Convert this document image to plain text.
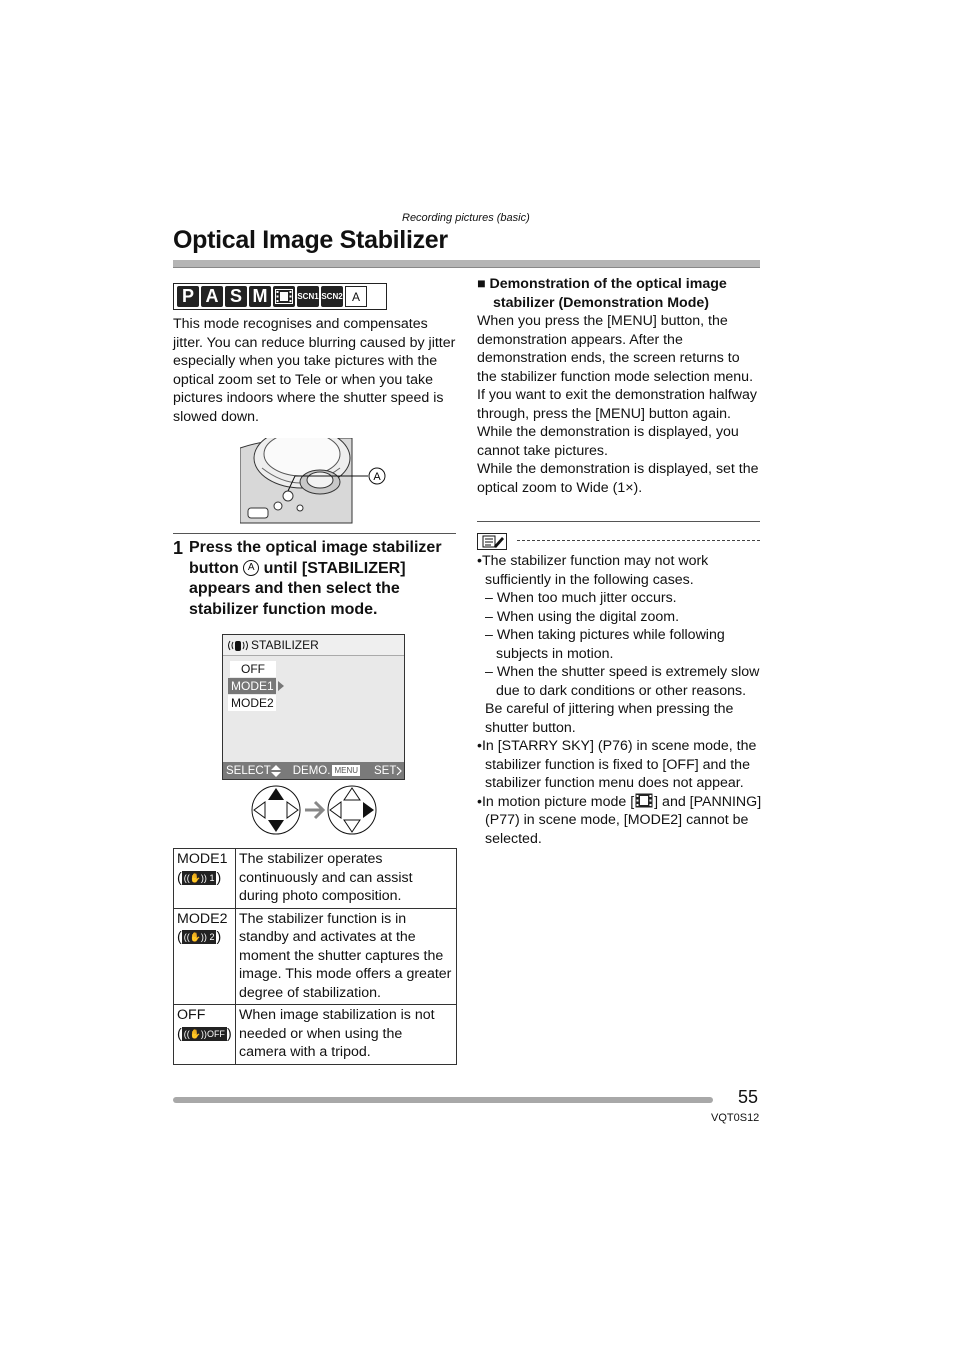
Recording pictures (basic)
Optical Image Stabilizer
P A S M	SCN1 SCN2 A
This mode recognises and compensates jitter. You can reduce blurring caused by jitter especially when you take pictures with the optical zoom set to Tele or when you take pictures indoors where the shutter speed is slowed down.
A
1 Press the optical image stabilizer button A until [STABILIZER] appears and then select the stabilizer function mode.
STABILIZER
OFF
MODE1
MODE2
SELECT DEMO. MENU SET
MODE1
( ((✋)) 1 )	The stabilizer operates continuously and can assist during photo composition.
MODE2
( ((✋)) 2 )	The stabilizer function is in standby and activates at the moment the shutter captures the image. This mode offers a greater degree of stabilization.
OFF
( ((✋))OFF )	When image stabilization is not needed or when using the camera with a tripod.
■ Demonstration of the optical image
stabilizer (Demonstration Mode)
When you press the [MENU] button, the demonstration appears. After the demonstration ends, the screen returns to the stabilizer function mode selection menu. If you want to exit the demonstration halfway through, press the [MENU] button again.
While the demonstration is displayed, you cannot take pictures.
While the demonstration is displayed, set the optical zoom to Wide (1×).
•The stabilizer function may not work sufficiently in the following cases.
– When too much jitter occurs.
– When using the digital zoom.
– When taking pictures while following subjects in motion.
– When the shutter speed is extremely slow due to dark conditions or other reasons.
Be careful of jittering when pressing the shutter button.
•In [STARRY SKY] (P76) in scene mode, the stabilizer function is fixed to [OFF] and the stabilizer function menu does not appear.
•In motion picture mode [ ] and [PANNING] (P77) in scene mode, [MODE2] cannot be selected.
55
VQT0S12
